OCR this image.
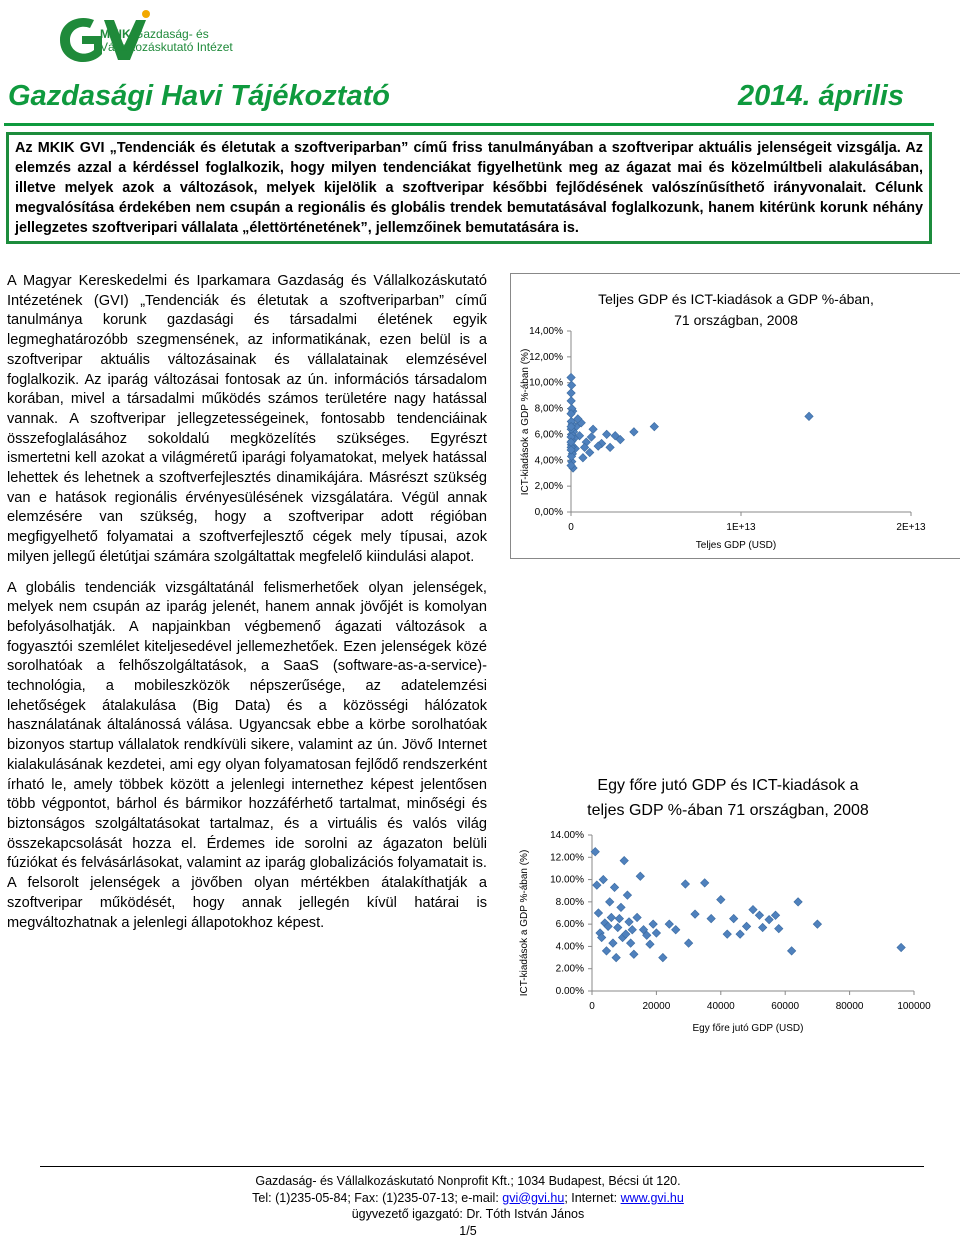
MKIK Gazdaság- és
Vállalkozáskutató Intézet
Gazdasági Havi Tájékoztató	2014. április
Az MKIK GVI „Tendenciák és életutak a szoftveriparban” című friss tanulmányában a szoftveripar aktuális jelenségeit vizsgálja. Az elemzés azzal a kérdéssel foglalkozik, hogy milyen tendenciákat figyelhetünk meg az ágazat mai és közelmúltbeli alakulásában, illetve melyek azok a változások, melyek kijelölik a szoftveripar későbbi fejlődésének valószínűsíthető irányvonalait. Célunk megvalósítása érdekében nem csupán a regionális és globális trendek bemutatásával foglalkozunk, hanem kitérünk korunk néhány jellegzetes szoftveripari vállalata „élettörténetének”, jellemzőinek bemutatására is.

A Magyar Kereskedelmi és Iparkamara Gazdaság és Vállalkozáskutató Intézetének (GVI) „Tendenciák és életutak a szoftveriparban” című tanulmánya korunk gazdasági és társadalmi életének egyik legmeghatározóbb szegmensének, az informatikának, ezen belül is a szoftveripar aktuális változásainak és vállalatainak elemzésével foglalkozik. Az iparág változásai fontosak az ún. információs társadalom korában, mivel a társadalmi működés számos területére nagy hatással vannak. A szoftveripar jellegzetességeinek, fontosabb tendenciáinak összefoglalásához sokoldalú megközelítés szükséges. Egyrészt ismertetni kell azokat a világméretű iparági folyamatokat, melyek hatással lehettek és lehetnek a szoftverfejlesztés dinamikájára. Másrészt szükség van e hatások regionális érvényesülésének vizsgálatára. Végül annak elemzésére van szükség, hogy a szoftveripar adott régióban megfigyelhető folyamatai a szoftverfejlesztő cégek mely típusai, azok milyen jellegű életútjai számára szolgáltattak megfelelő kiindulási alapot.

A globális tendenciák vizsgáltatánál felismerhetőek olyan jelenségek, melyek nem csupán az iparág jelenét, hanem annak jövőjét is komolyan befolyásolhatják. A napjainkban végbemenő ágazati változások a fogyasztói szemlélet kiteljesedével jellemezhetőek. Ezen jelenségek közé sorolhatóak a felhőszolgáltatások, a SaaS (software-as-a-service)-technológia, a mobileszközök népszerűsége, az adatelemzési lehetőségek átalakulása (Big Data) és a közösségi hálózatok használatának általánossá válása. Ugyancsak ebbe a körbe sorolhatóak bizonyos startup vállalatok rendkívüli sikere, valamint az ún. Jövő Internet kialakulásának kezdetei, ami egy olyan folyamatosan fejlődő rendszerként írható le, amely többek között a jelenlegi internethez képest jelentősen több végpontot, bárhol és bármikor hozzáférhető tartalmat, minőségi és biztonságos szolgáltatásokat tartalmaz, és a virtuális és valós világ összekapcsolását hozza el. Érdemes ide sorolni az ágazaton belüli fúziókat és felvásárlásokat, valamint az iparág globalizációs folyamatait is. A felsorolt jelenségek a jövőben olyan mértékben átalakíthatják a szoftveripar működését, hogy annak jellegén kívül határai is megváltozhatnak a jelenlegi állapotokhoz képest.

Teljes GDP és ICT-kiadások a GDP %-ában,
71 országban, 2008
ICT-kiadások a GDP %-ában (%)
Teljes GDP (USD)
0,00%
2,00%
4,00%
6,00%
8,00%
10,00%
12,00%
14,00%
0	1E+13	2E+13
Egy főre jutó GDP és ICT-kiadások a
teljes GDP %-ában 71 országban, 2008
ICT-kiadások a GDP %-ában (%)
Egy főre jutó GDP (USD)
0.00%
2.00%
4.00%
6.00%
8.00%
10.00%
12.00%
14.00%
0	20000	40000	60000	80000	100000
Gazdaság- és Vállalkozáskutató Nonprofit Kft.; 1034 Budapest, Bécsi út 120.
Tel: (1)235-05-84; Fax: (1)235-07-13; e-mail: gvi@gvi.hu; Internet: www.gvi.hu
ügyvezető igazgató: Dr. Tóth István János
1/5
